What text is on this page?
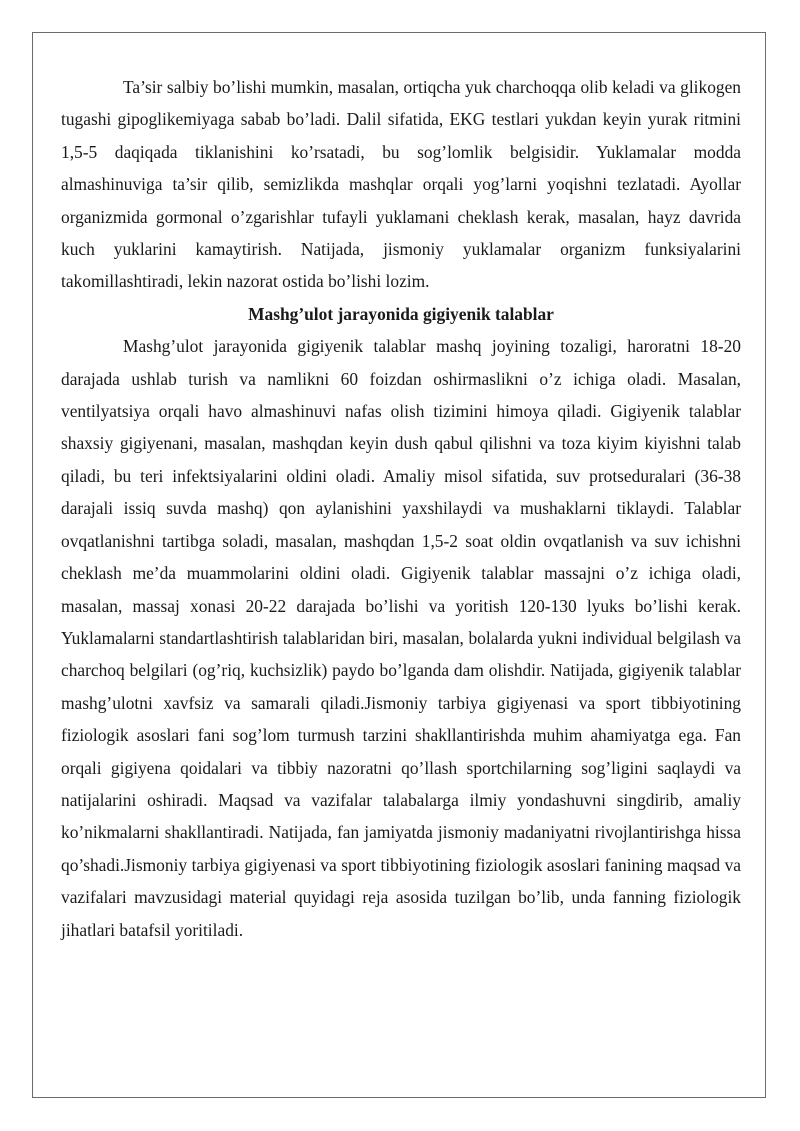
Ta’sir salbiy bo’lishi mumkin, masalan, ortiqcha yuk charchoqqa olib keladi va glikogen tugashi gipoglikemiyaga sabab bo’ladi. Dalil sifatida, EKG testlari yukdan keyin yurak ritmini 1,5-5 daqiqada tiklanishini ko’rsatadi, bu sog’lomlik belgisidir. Yuklamalar modda almashinuviga ta’sir qilib, semizlikda mashqlar orqali yog’larni yoqishni tezlatadi. Ayollar organizmida gormonal o’zgarishlar tufayli yuklamani cheklash kerak, masalan, hayz davrida kuch yuklarini kamaytirish. Natijada, jismoniy yuklamalar organizm funksiyalarini takomillashtiradi, lekin nazorat ostida bo’lishi lozim.

Mashg’ulot jarayonida gigiyenik talablar

Mashg’ulot jarayonida gigiyenik talablar mashq joyining tozaligi, haroratni 18-20 darajada ushlab turish va namlikni 60 foizdan oshirmaslikni o’z ichiga oladi. Masalan, ventilyatsiya orqali havo almashinuvi nafas olish tizimini himoya qiladi. Gigiyenik talablar shaxsiy gigiyenani, masalan, mashqdan keyin dush qabul qilishni va toza kiyim kiyishni talab qiladi, bu teri infektsiyalarini oldini oladi. Amaliy misol sifatida, suv protseduralari (36-38 darajali issiq suvda mashq) qon aylanishini yaxshilaydi va mushaklarni tiklaydi. Talablar ovqatlanishni tartibga soladi, masalan, mashqdan 1,5-2 soat oldin ovqatlanish va suv ichishni cheklash me’da muammolarini oldini oladi. Gigiyenik talablar massajni o’z ichiga oladi, masalan, massaj xonasi 20-22 darajada bo’lishi va yoritish 120-130 lyuks bo’lishi kerak. Yuklamalarni standartlashtirish talablaridan biri, masalan, bolalarda yukni individual belgilash va charchoq belgilari (og’riq, kuchsizlik) paydo bo’lganda dam olishdir. Natijada, gigiyenik talablar mashg’ulotni xavfsiz va samarali qiladi.Jismoniy tarbiya gigiyenasi va sport tibbiyotining fiziologik asoslari fani sog’lom turmush tarzini shakllantirishda muhim ahamiyatga ega. Fan orqali gigiyena qoidalari va tibbiy nazoratni qo’llash sportchilarning sog’ligini saqlaydi va natijalarini oshiradi. Maqsad va vazifalar talabalarga ilmiy yondashuvni singdirib, amaliy ko’nikmalarni shakllantiradi. Natijada, fan jamiyatda jismoniy madaniyatni rivojlantirishga hissa qo’shadi.Jismoniy tarbiya gigiyenasi va sport tibbiyotining fiziologik asoslari fanining maqsad va vazifalari mavzusidagi material quyidagi reja asosida tuzilgan bo’lib, unda fanning fiziologik jihatlari batafsil yoritiladi.
